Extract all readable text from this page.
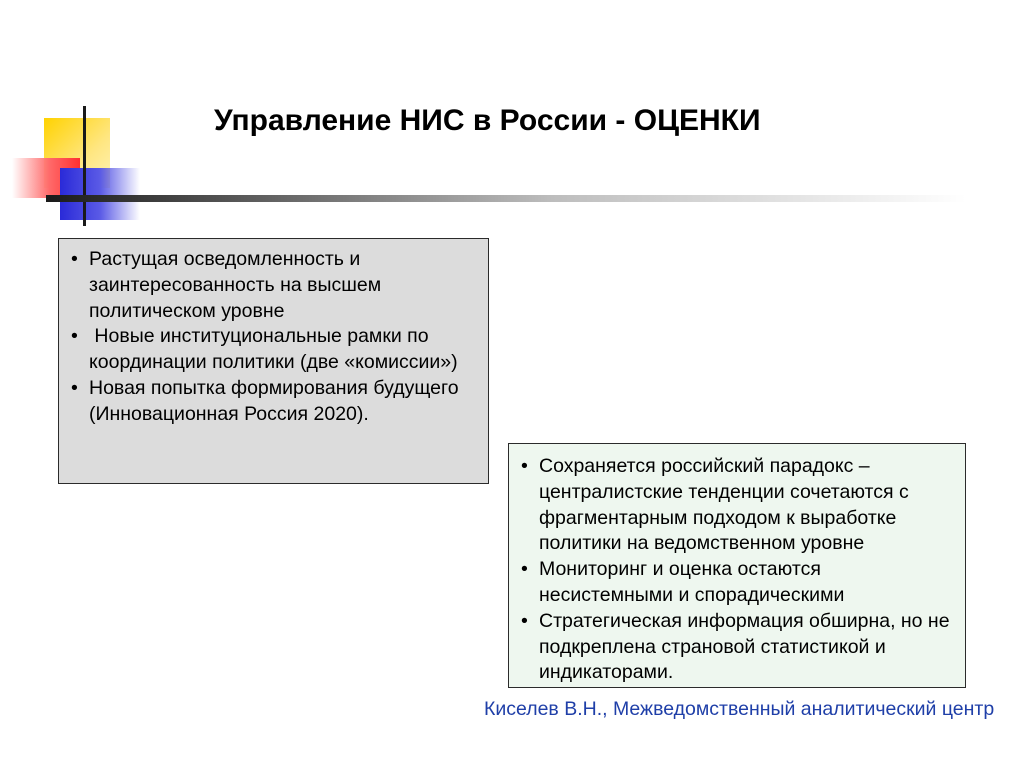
Управление НИС в России - ОЦЕНКИ
• Растущая осведомленность и заинтересованность на высшем политическом уровне
•  Новые институциональные рамки по координации политики (две «комиссии»)
• Новая попытка формирования будущего (Инновационная Россия 2020).
• Сохраняется российский парадокс – централистские тенденции сочетаются с фрагментарным подходом к выработке политики на ведомственном уровне
• Мониторинг и оценка остаются несистемными и спорадическими
• Стратегическая информация обширна, но не подкреплена страновой статистикой и индикаторами.
Киселев В.Н., Межведомственный аналитический центр
